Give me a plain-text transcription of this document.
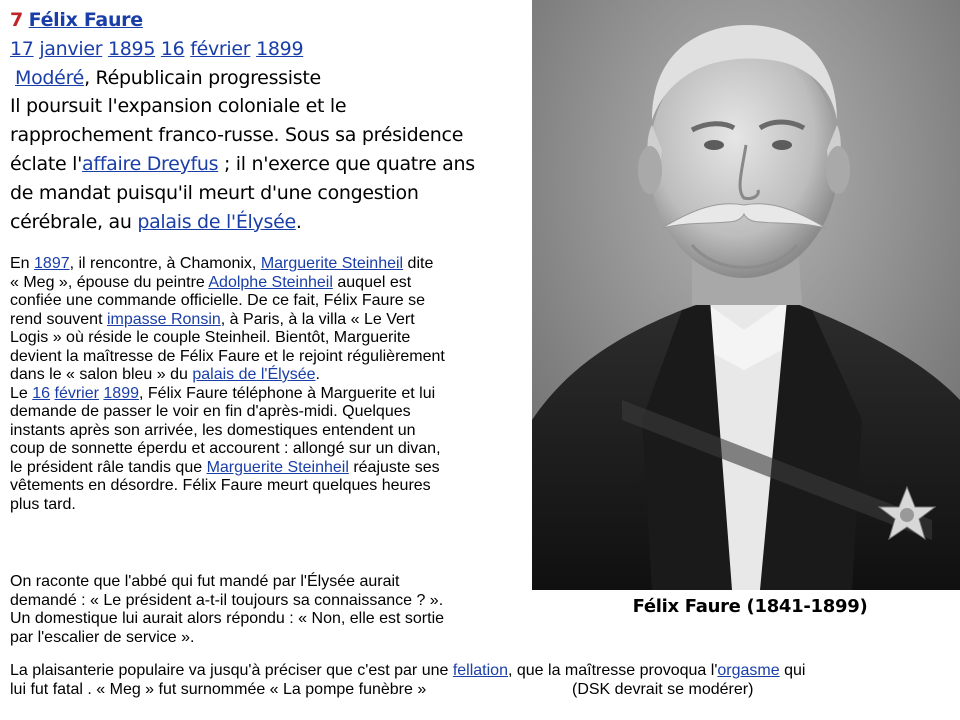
7 Félix Faure
17 janvier 1895 16 février 1899
Modéré, Républicain progressiste
Il poursuit l'expansion coloniale et le
rapprochement franco-russe. Sous sa présidence
éclate l'affaire Dreyfus ; il n'exerce que quatre ans
de mandat puisqu'il meurt d'une congestion
cérébrale, au palais de l'Élysée.
En 1897, il rencontre, à Chamonix, Marguerite Steinheil dite
« Meg », épouse du peintre Adolphe Steinheil auquel est
confiée une commande officielle. De ce fait, Félix Faure se
rend souvent impasse Ronsin, à Paris, à la villa « Le Vert
Logis » où réside le couple Steinheil. Bientôt, Marguerite
devient la maîtresse de Félix Faure et le rejoint régulièrement
dans le « salon bleu » du palais de l'Élysée.
Le 16 février 1899, Félix Faure téléphone à Marguerite et lui
demande de passer le voir en fin d'après-midi. Quelques
instants après son arrivée, les domestiques entendent un
coup de sonnette éperdu et accourent : allongé sur un divan,
le président râle tandis que Marguerite Steinheil réajuste ses
vêtements en désordre. Félix Faure meurt quelques heures
plus tard.
On raconte que l'abbé qui fut mandé par l'Élysée aurait
demandé : « Le président a-t-il toujours sa connaissance ? ».
Un domestique lui aurait alors répondu : « Non, elle est sortie
par l'escalier de service ».
La plaisanterie populaire va jusqu'à préciser que c'est par une fellation, que la maîtresse provoqua l'orgasme qui
lui fut fatal . « Meg » fut surnommée « La pompe funèbre »	(DSK devrait se modérer)
Félix Faure (1841-1899)
